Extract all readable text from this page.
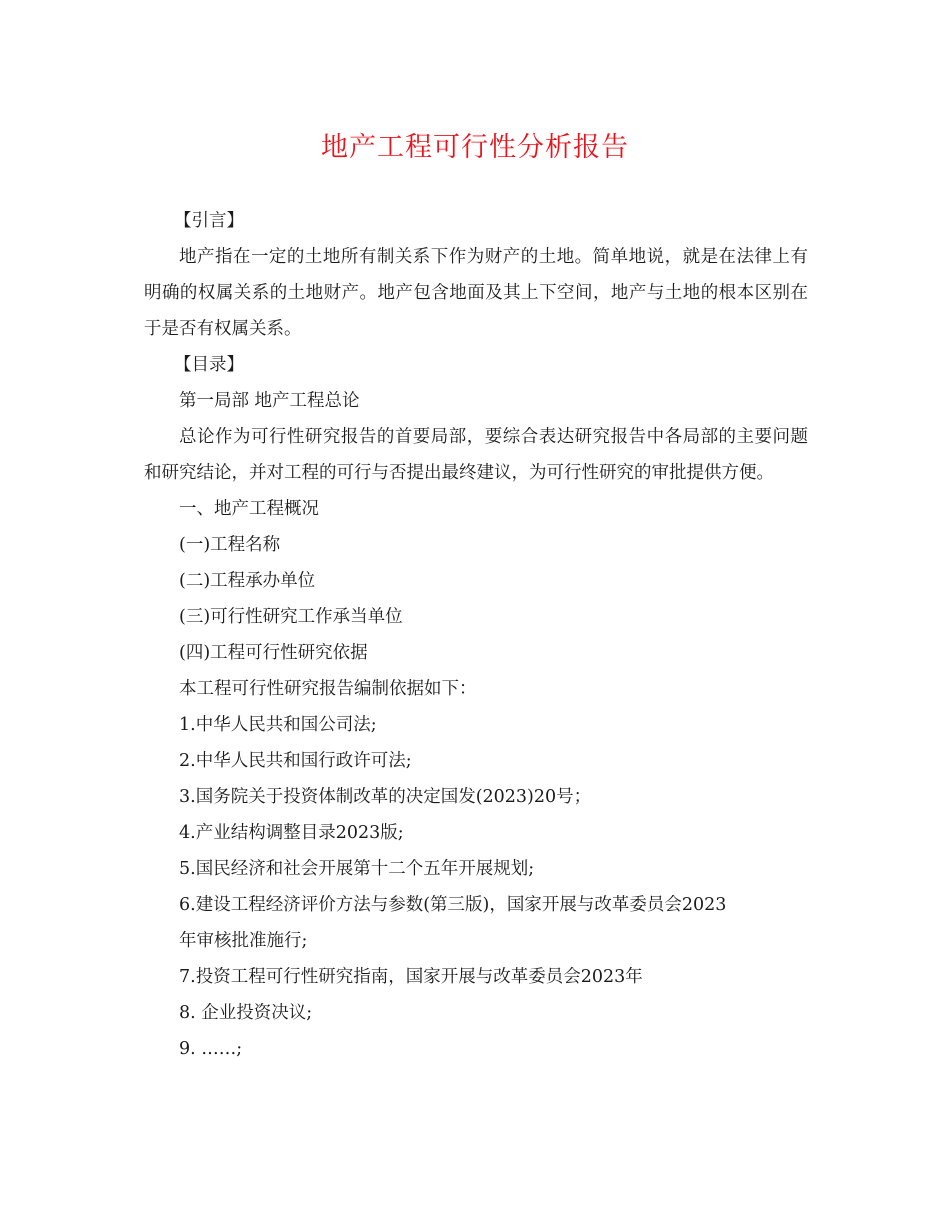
地产工程可行性分析报告
【引言】

地产指在一定的土地所有制关系下作为财产的土地。简单地说，就是在法律上有明确的权属关系的土地财产。地产包含地面及其上下空间，地产与土地的根本区别在于是否有权属关系。

【目录】
第一局部 地产工程总论

总论作为可行性研究报告的首要局部，要综合表达研究报告中各局部的主要问题和研究结论，并对工程的可行与否提出最终建议，为可行性研究的审批提供方便。

一、地产工程概况
(一)工程名称
(二)工程承办单位
(三)可行性研究工作承当单位
(四)工程可行性研究依据
本工程可行性研究报告编制依据如下：
1.中华人民共和国公司法;
2.中华人民共和国行政许可法;
3.国务院关于投资体制改革的决定国发(2023)20号；
4.产业结构调整目录2023版;
5.国民经济和社会开展第十二个五年开展规划;
6.建设工程经济评价方法与参数(第三版)，国家开展与改革委员会2023
年审核批准施行;
7.投资工程可行性研究指南，国家开展与改革委员会2023年
8. 企业投资决议;
9. ……;
